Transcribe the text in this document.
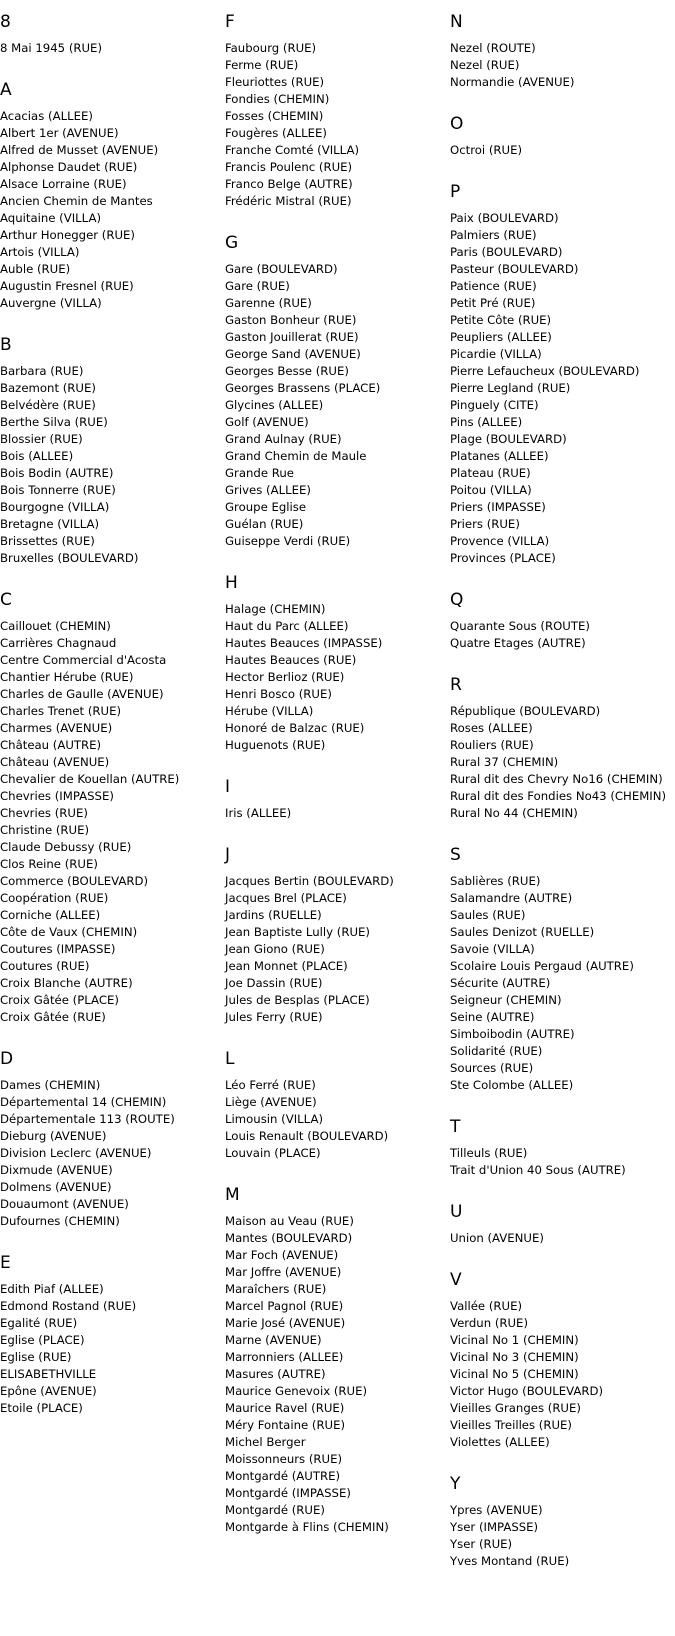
8
8 Mai 1945 (RUE)
A
Acacias (ALLEE)
Albert 1er (AVENUE)
Alfred de Musset (AVENUE)
Alphonse Daudet (RUE)
Alsace Lorraine (RUE)
Ancien Chemin de Mantes
Aquitaine (VILLA)
Arthur Honegger (RUE)
Artois (VILLA)
Auble (RUE)
Augustin Fresnel (RUE)
Auvergne (VILLA)
B
Barbara (RUE)
Bazemont (RUE)
Belvédère (RUE)
Berthe Silva (RUE)
Blossier (RUE)
Bois (ALLEE)
Bois Bodin (AUTRE)
Bois Tonnerre (RUE)
Bourgogne (VILLA)
Bretagne (VILLA)
Brissettes (RUE)
Bruxelles (BOULEVARD)
C
Caillouet (CHEMIN)
Carrières Chagnaud
Centre Commercial d'Acosta
Chantier Hérube (RUE)
Charles de Gaulle (AVENUE)
Charles Trenet (RUE)
Charmes (AVENUE)
Château (AUTRE)
Château (AVENUE)
Chevalier de Kouellan (AUTRE)
Chevries (IMPASSE)
Chevries (RUE)
Christine (RUE)
Claude Debussy (RUE)
Clos Reine (RUE)
Commerce (BOULEVARD)
Coopération (RUE)
Corniche (ALLEE)
Côte de Vaux (CHEMIN)
Coutures (IMPASSE)
Coutures (RUE)
Croix Blanche (AUTRE)
Croix Gâtée (PLACE)
Croix Gâtée (RUE)
D
Dames (CHEMIN)
Départemental 14 (CHEMIN)
Départementale 113 (ROUTE)
Dieburg (AVENUE)
Division Leclerc (AVENUE)
Dixmude (AVENUE)
Dolmens (AVENUE)
Douaumont (AVENUE)
Dufournes (CHEMIN)
E
Edith Piaf (ALLEE)
Edmond Rostand (RUE)
Egalité (RUE)
Eglise (PLACE)
Eglise (RUE)
ELISABETHVILLE
Epône (AVENUE)
Etoile (PLACE)
F
Faubourg (RUE)
Ferme (RUE)
Fleuriottes (RUE)
Fondies (CHEMIN)
Fosses (CHEMIN)
Fougères (ALLEE)
Franche Comté (VILLA)
Francis Poulenc (RUE)
Franco Belge (AUTRE)
Frédéric Mistral (RUE)
G
Gare (BOULEVARD)
Gare (RUE)
Garenne (RUE)
Gaston Bonheur (RUE)
Gaston Jouillerat (RUE)
George Sand (AVENUE)
Georges Besse (RUE)
Georges Brassens (PLACE)
Glycines (ALLEE)
Golf (AVENUE)
Grand Aulnay (RUE)
Grand Chemin de Maule
Grande Rue
Grives (ALLEE)
Groupe Eglise
Guélan (RUE)
Guiseppe Verdi (RUE)
H
Halage (CHEMIN)
Haut du Parc (ALLEE)
Hautes Beauces (IMPASSE)
Hautes Beauces (RUE)
Hector Berlioz (RUE)
Henri Bosco (RUE)
Hérube (VILLA)
Honoré de Balzac (RUE)
Huguenots (RUE)
I
Iris (ALLEE)
J
Jacques Bertin (BOULEVARD)
Jacques Brel (PLACE)
Jardins (RUELLE)
Jean Baptiste Lully (RUE)
Jean Giono (RUE)
Jean Monnet (PLACE)
Joe Dassin (RUE)
Jules de Besplas (PLACE)
Jules Ferry (RUE)
L
Léo Ferré (RUE)
Liège (AVENUE)
Limousin (VILLA)
Louis Renault (BOULEVARD)
Louvain (PLACE)
M
Maison au Veau (RUE)
Mantes (BOULEVARD)
Mar Foch (AVENUE)
Mar Joffre (AVENUE)
Maraîchers (RUE)
Marcel Pagnol (RUE)
Marie José (AVENUE)
Marne (AVENUE)
Marronniers (ALLEE)
Masures (AUTRE)
Maurice Genevoix (RUE)
Maurice Ravel (RUE)
Méry Fontaine (RUE)
Michel Berger
Moissonneurs (RUE)
Montgardé (AUTRE)
Montgardé (IMPASSE)
Montgardé (RUE)
Montgarde à Flins (CHEMIN)
N
Nezel (ROUTE)
Nezel (RUE)
Normandie (AVENUE)
O
Octroi (RUE)
P
Paix (BOULEVARD)
Palmiers (RUE)
Paris (BOULEVARD)
Pasteur (BOULEVARD)
Patience (RUE)
Petit Pré (RUE)
Petite Côte (RUE)
Peupliers (ALLEE)
Picardie (VILLA)
Pierre Lefaucheux (BOULEVARD)
Pierre Legland (RUE)
Pinguely (CITE)
Pins (ALLEE)
Plage (BOULEVARD)
Platanes (ALLEE)
Plateau (RUE)
Poitou (VILLA)
Priers (IMPASSE)
Priers (RUE)
Provence (VILLA)
Provinces (PLACE)
Q
Quarante Sous (ROUTE)
Quatre Etages (AUTRE)
R
République (BOULEVARD)
Roses (ALLEE)
Rouliers (RUE)
Rural 37 (CHEMIN)
Rural dit des Chevry No16 (CHEMIN)
Rural dit des Fondies No43 (CHEMIN)
Rural No 44 (CHEMIN)
S
Sablières (RUE)
Salamandre (AUTRE)
Saules (RUE)
Saules Denizot (RUELLE)
Savoie (VILLA)
Scolaire Louis Pergaud (AUTRE)
Sécurite (AUTRE)
Seigneur (CHEMIN)
Seine (AUTRE)
Simboibodin (AUTRE)
Solidarité (RUE)
Sources (RUE)
Ste Colombe (ALLEE)
T
Tilleuls (RUE)
Trait d'Union 40 Sous (AUTRE)
U
Union (AVENUE)
V
Vallée (RUE)
Verdun (RUE)
Vicinal No 1 (CHEMIN)
Vicinal No 3 (CHEMIN)
Vicinal No 5 (CHEMIN)
Victor Hugo (BOULEVARD)
Vieilles Granges (RUE)
Vieilles Treilles (RUE)
Violettes (ALLEE)
Y
Ypres (AVENUE)
Yser (IMPASSE)
Yser (RUE)
Yves Montand (RUE)
